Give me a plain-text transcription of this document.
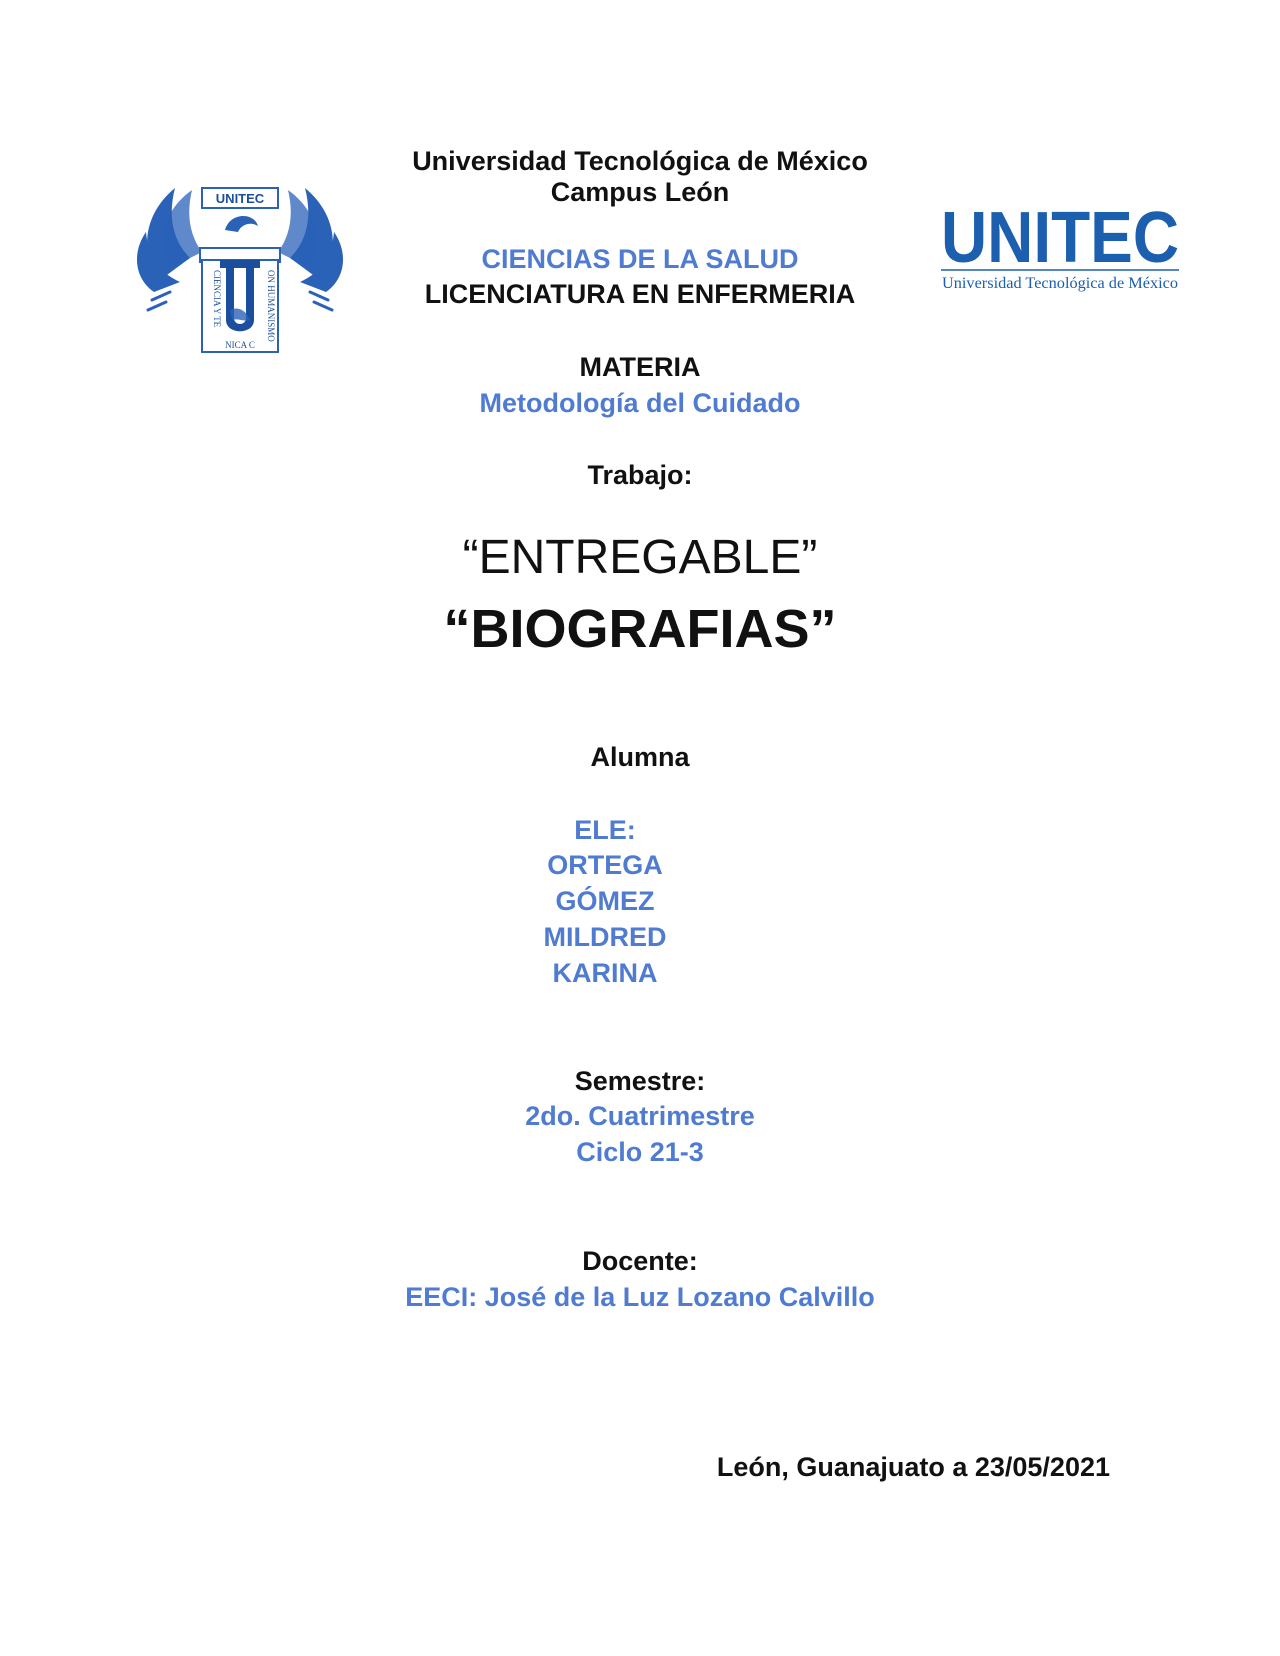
UNITEC
CIENCIA Y TE	ON HUMANISMO
NICA C
UNITEC
Universidad Tecnológica de México
Universidad Tecnológica de México
Campus León
CIENCIAS DE LA SALUD
LICENCIATURA EN ENFERMERIA
MATERIA
Metodología del Cuidado
Trabajo:
“ENTREGABLE”
“BIOGRAFIAS”
Alumna
Semestre:
2do. Cuatrimestre
Ciclo 21-3
Docente:
EECI: José de la Luz Lozano Calvillo
ELE:
ORTEGA
GÓMEZ
MILDRED
KARINA
León, Guanajuato a 23/05/2021
